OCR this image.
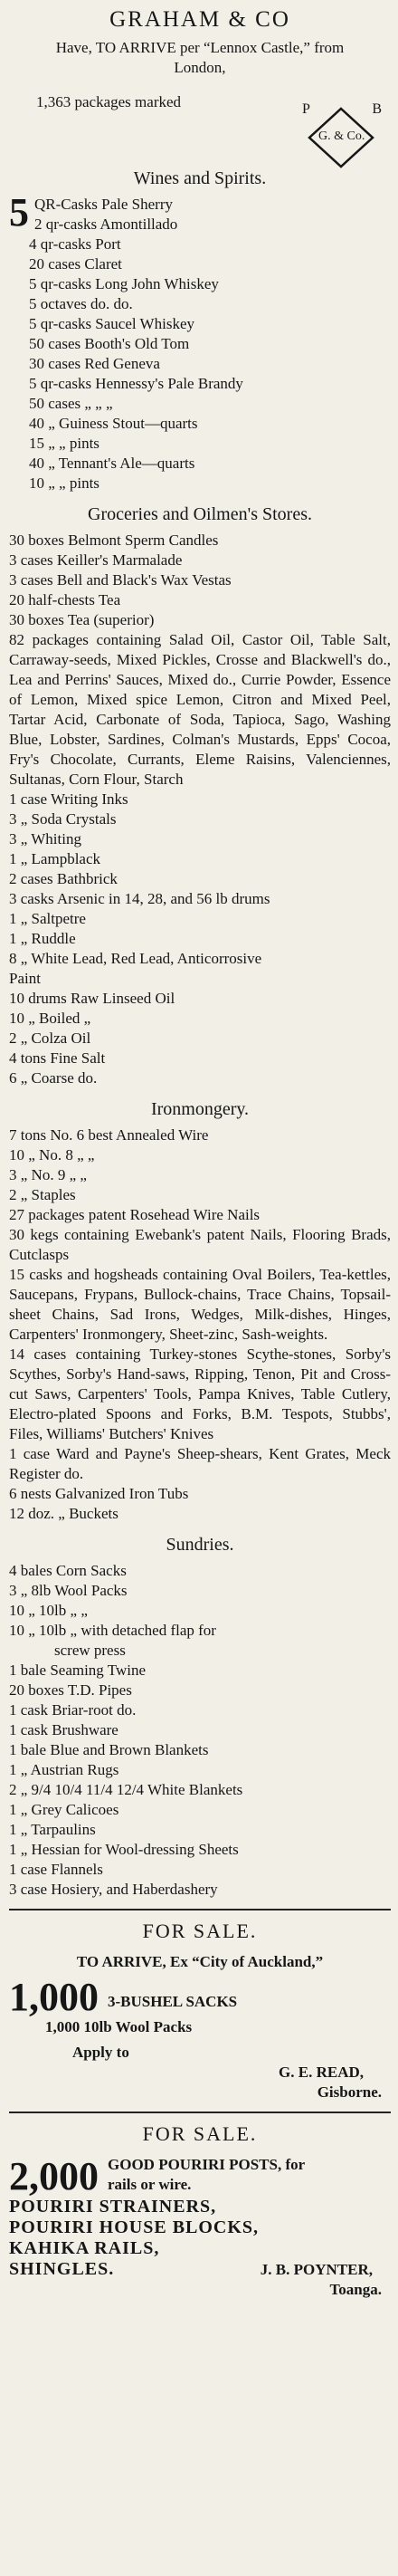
GRAHAM & CO
Have, TO ARRIVE per “Lennox Castle,” from
London,
1,363 packages marked
Wines and Spirits.
5 QR-Casks Pale Sherry
2 qr-casks Amontillado
4 qr-casks Port
20 cases Claret
5 qr-casks Long John Whiskey
5 octaves do. do.
5 qr-casks Saucel Whiskey
50 cases Booth's Old Tom
30 cases Red Geneva
5 qr-casks Hennessy's Pale Brandy
50 cases „ „ „
40 „ Guiness Stout—quarts
15 „ „ pints
40 „ Tennant's Ale—quarts
10 „ „ pints
Groceries and Oilmen's Stores.
30 boxes Belmont Sperm Candles
3 cases Keiller's Marmalade
3 cases Bell and Black's Wax Vestas
20 half-chests Tea
30 boxes Tea (superior)
82 packages containing Salad Oil, Castor Oil, Table Salt, Carraway-seeds, Mixed Pickles, Crosse and Blackwell's do., Lea and Perrins' Sauces, Mixed do., Currie Powder, Essence of Lemon, Mixed spice Lemon, Citron and Mixed Peel, Tartar Acid, Carbonate of Soda, Tapioca, Sago, Washing Blue, Lobster, Sardines, Colman's Mustards, Epps' Cocoa, Fry's Chocolate, Currants, Eleme Raisins, Valenciennes, Sultanas, Corn Flour, Starch
1 case Writing Inks
3 „ Soda Crystals
3 „ Whiting
1 „ Lampblack
2 cases Bathbrick
3 casks Arsenic in 14, 28, and 56 lb drums
1 „ Saltpetre
1 „ Ruddle
8 „ White Lead, Red Lead, Anticorrosive
Paint
10 drums Raw Linseed Oil
10 „ Boiled „
2 „ Colza Oil
4 tons Fine Salt
6 „ Coarse do.
Ironmongery.
7 tons No. 6 best Annealed Wire
10 „ No. 8 „ „
3 „ No. 9 „ „
2 „ Staples
27 packages patent Rosehead Wire Nails
30 kegs containing Ewebank's patent Nails, Flooring Brads, Cutclasps
15 casks and hogsheads containing Oval Boilers, Tea-kettles, Saucepans, Frypans, Bullock-chains, Trace Chains, Topsail-sheet Chains, Sad Irons, Wedges, Milk-dishes, Hinges, Carpenters' Ironmongery, Sheet-zinc, Sash-weights.
14 cases containing Turkey-stones Scythe-stones, Sorby's Scythes, Sorby's Hand-saws, Ripping, Tenon, Pit and Cross-cut Saws, Carpenters' Tools, Pampa Knives, Table Cutlery, Electro-plated Spoons and Forks, B.M. Tespots, Stubbs', Files, Williams' Butchers' Knives
1 case Ward and Payne's Sheep-shears, Kent Grates, Meck Register do.
6 nests Galvanized Iron Tubs
12 doz. „ Buckets
Sundries.
4 bales Corn Sacks
3 „ 8lb Wool Packs
10 „ 10lb „ „
10 „ 10lb „ with detached flap for
screw press
1 bale Seaming Twine
20 boxes T.D. Pipes
1 cask Briar-root do.
1 cask Brushware
1 bale Blue and Brown Blankets
1 „ Austrian Rugs
2 „ 9/4 10/4 11/4 12/4 White Blankets
1 „ Grey Calicoes
1 „ Tarpaulins
1 „ Hessian for Wool-dressing Sheets
1 case Flannels
3 case Hosiery, and Haberdashery
FOR SALE.
TO ARRIVE, Ex “City of Auckland,”
1,000 3-BUSHEL SACKS
1,000 10lb Wool Packs
Apply to
G. E. READ,
Gisborne.
FOR SALE.
2,000 GOOD POURIRI POSTS, for
rails or wire.
POURIRI STRAINERS,
POURIRI HOUSE BLOCKS,
KAHIKA RAILS,
SHINGLES.	J. B. POYNTER,
Toanga.
P	B
G. & Co.
